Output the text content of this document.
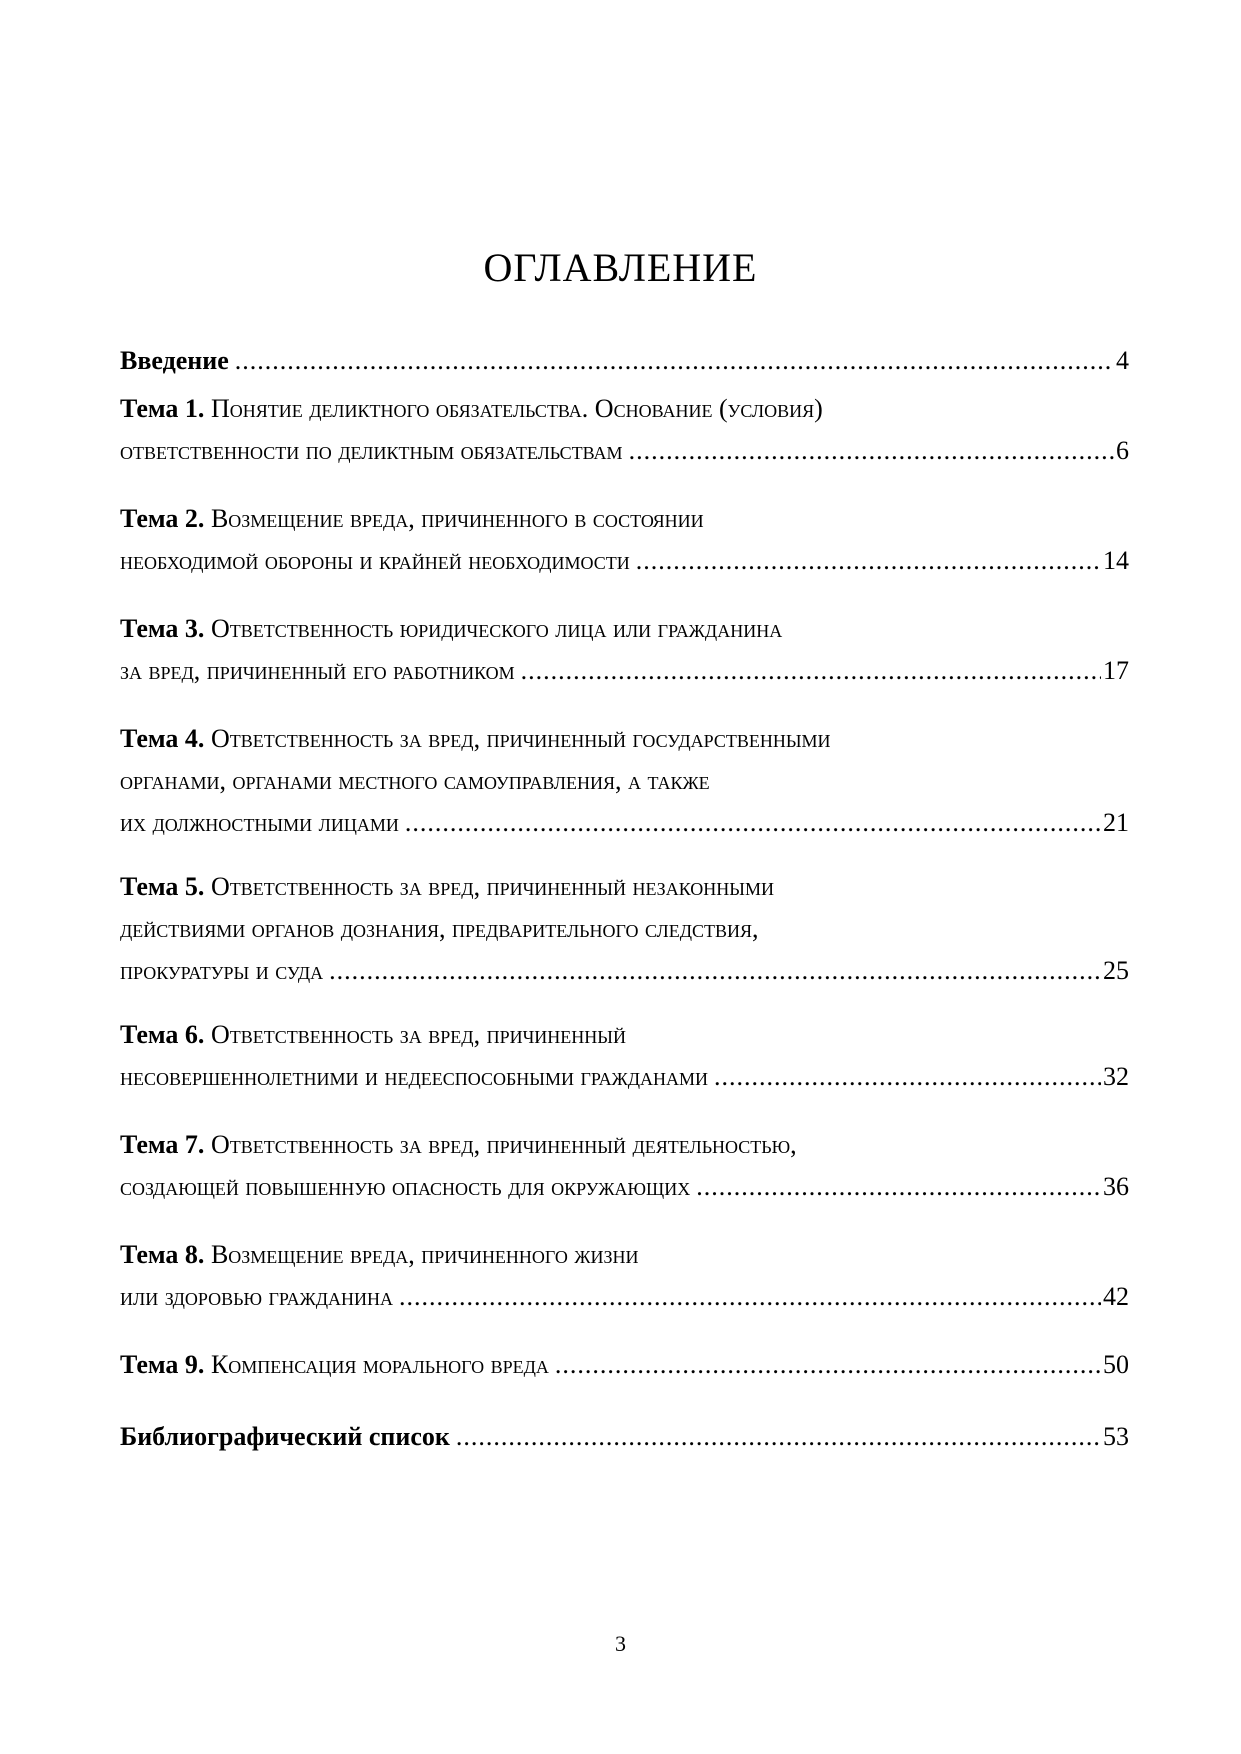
ОГЛАВЛЕНИЕ
Введение .....	4
Тема 1. Понятие деликтного обязательства. Основание (условия)
ответственности по деликтным обязательствам .....	6
Тема 2. Возмещение вреда, причиненного в состоянии
необходимой обороны и крайней необходимости .....	14
Тема 3. Ответственность юридического лица или гражданина
за вред, причиненный его работником .....	17
Тема 4. Ответственность за вред, причиненный государственными
органами, органами местного самоуправления, а также
их должностными лицами .....	21
Тема 5. Ответственность за вред, причиненный незаконными
действиями органов дознания, предварительного следствия,
прокуратуры и суда .....	25
Тема 6. Ответственность за вред, причиненный
несовершеннолетними и недееспособными гражданами .....	32
Тема 7. Ответственность за вред, причиненный деятельностью,
создающей повышенную опасность для окружающих .....	36
Тема 8. Возмещение вреда, причиненного жизни
или здоровью гражданина .....	42
Тема 9. Компенсация морального вреда .....	50
Библиографический список .....	53
3
